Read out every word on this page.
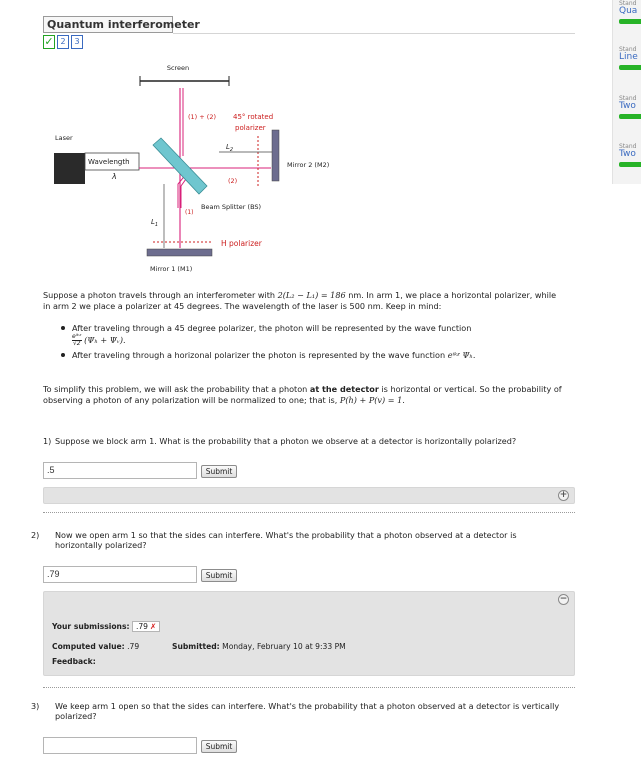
Quantum interferometer
✓ 2	3
Screen
Laser
Wavelength
λ
(1) + (2) 45° rotated
polarizer
$L_2$
(2)
Mirror 2 (M2)
Beam Splitter (BS)
$L_1$
(1)
H polarizer
Mirror 1 (M1)
Suppose a photon travels through an interferometer with 2(L₂ − L₁) = 186 nm. In arm 1, we place a horizontal polarizer, while in arm 2 we place a polarizer at 45 degrees. The wavelength of the laser is 500 nm. Keep in mind:
After traveling through a 45 degree polarizer, the photon will be represented by the wave function

$\frac{\text{eⁱᵏᶻ}}{√2} (\Psi_h$ + Ψᵥ).
After traveling through a horizonal polarizer the photon is represented by the wave function eⁱᵏᶻ Ψₕ.
To simplify this problem, we will ask the probability that a photon at the detector is horizontal or vertical. So the probability of observing a photon of any polarization will be normalized to one; that is, P(h) + P(v) = 1.
1) Suppose we block arm 1. What is the probability that a photon we observe at a detector is horizontally polarized?
.5	Submit
+
2) Now we open arm 1 so that the sides can interfere. What's the probability that a photon observed at a detector is horizontally polarized?
.79	Submit
−
Your submissions: .79 ✗
Computed value: .79	Submitted: Monday, February 10 at 9:33 PM
Feedback:
3) We keep arm 1 open so that the sides can interfere. What's the probability that a photon observed at a detector is vertically polarized?
Submit
Stand
Qua
Stand
Line
Stand
Two
Stand
Two
